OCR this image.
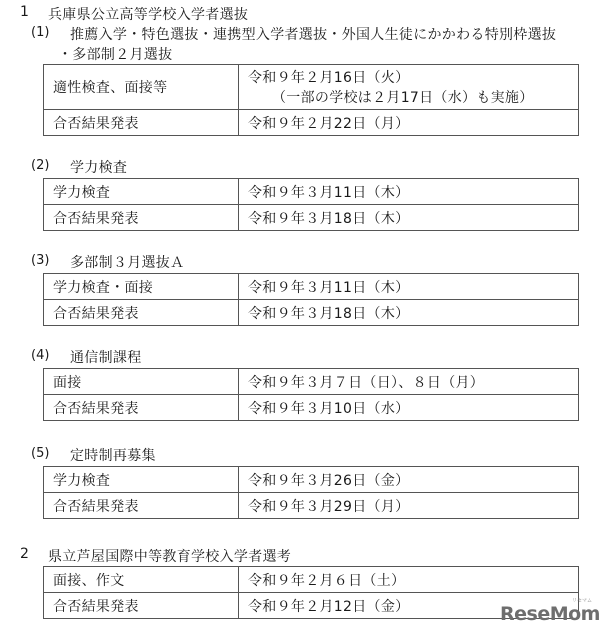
1 兵庫県公立高等学校入学者選抜
(1) 推薦入学・特色選抜・連携型入学者選抜・外国人生徒にかかわる特別枠選抜
・多部制２月選抜
適性検査、面接等	令和９年２月16日（火）
（一部の学校は２月17日（水）も実施）

合否結果発表	令和９年２月22日（月）
(2) 学力検査
学力検査	令和９年３月11日（木）
合否結果発表	令和９年３月18日（木）
(3) 多部制３月選抜Ａ
学力検査・面接	令和９年３月11日（木）
合否結果発表	令和９年３月18日（木）
(4) 通信制課程
面接	令和９年３月７日（日）、８日（月）
合否結果発表	令和９年３月10日（水）
(5) 定時制再募集
学力検査	令和９年３月26日（金）
合否結果発表	令和９年３月29日（月）
2 県立芦屋国際中等教育学校入学者選考
面接、作文	令和９年２月６日（土）
合否結果発表	令和９年２月12日（金）	リセマム
ReseMom
